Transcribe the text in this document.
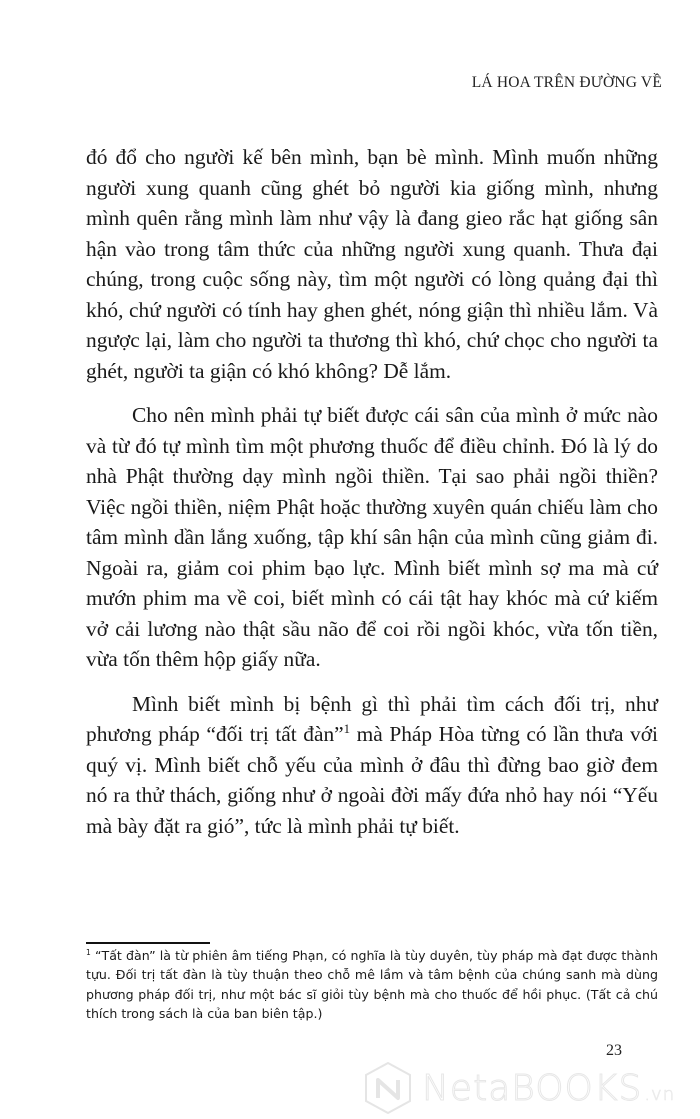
LÁ HOA TRÊN ĐƯỜNG VỀ

đó đổ cho người kế bên mình, bạn bè mình. Mình muốn những người xung quanh cũng ghét bỏ người kia giống mình, nhưng mình quên rằng mình làm như vậy là đang gieo rắc hạt giống sân hận vào trong tâm thức của những người xung quanh. Thưa đại chúng, trong cuộc sống này, tìm một người có lòng quảng đại thì khó, chứ người có tính hay ghen ghét, nóng giận thì nhiều lắm. Và ngược lại, làm cho người ta thương thì khó, chứ chọc cho người ta ghét, người ta giận có khó không? Dễ lắm.

Cho nên mình phải tự biết được cái sân của mình ở mức nào và từ đó tự mình tìm một phương thuốc để điều chỉnh. Đó là lý do nhà Phật thường dạy mình ngồi thiền. Tại sao phải ngồi thiền? Việc ngồi thiền, niệm Phật hoặc thường xuyên quán chiếu làm cho tâm mình dần lắng xuống, tập khí sân hận của mình cũng giảm đi. Ngoài ra, giảm coi phim bạo lực. Mình biết mình sợ ma mà cứ mướn phim ma về coi, biết mình có cái tật hay khóc mà cứ kiếm vở cải lương nào thật sầu não để coi rồi ngồi khóc, vừa tốn tiền, vừa tốn thêm hộp giấy nữa.

Mình biết mình bị bệnh gì thì phải tìm cách đối trị, như phương pháp “đối trị tất đàn”$^1$ mà Pháp Hòa từng có lần thưa với quý vị. Mình biết chỗ yếu của mình ở đâu thì đừng bao giờ đem nó ra thử thách, giống như ở ngoài đời mấy đứa nhỏ hay nói “Yếu mà bày đặt ra gió”, tức là mình phải tự biết.

$^1$ “Tất đàn” là từ phiên âm tiếng Phạn, có nghĩa là tùy duyên, tùy pháp mà đạt được thành tựu. Đối trị tất đàn là tùy thuận theo chỗ mê lầm và tâm bệnh của chúng sanh mà dùng phương pháp đối trị, như một bác sĩ giỏi tùy bệnh mà cho thuốc để hồi phục. (Tất cả chú thích trong sách là của ban biên tập.)
23
NetaBOOKS .vn
